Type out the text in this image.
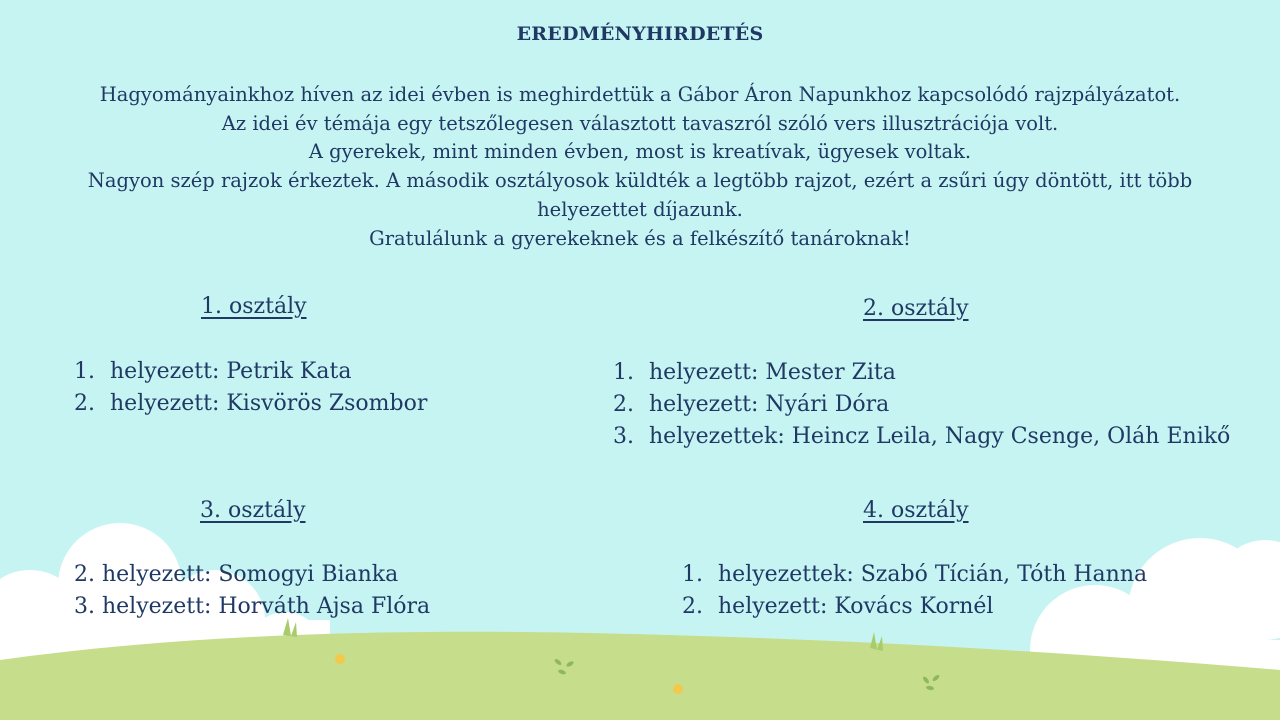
EREDMÉNYHIRDETÉS
Hagyományainkhoz híven az idei évben is meghirdettük a Gábor Áron Napunkhoz kapcsolódó rajzpályázatot.
Az idei év témája egy tetszőlegesen választott tavaszról szóló vers illusztrációja volt.
A gyerekek, mint minden évben, most is kreatívak, ügyesek voltak.
Nagyon szép rajzok érkeztek. A második osztályosok küldték a legtöbb rajzot, ezért a zsűri úgy döntött, itt több
helyezettet díjazunk.
Gratulálunk a gyerekeknek és a felkészítő tanároknak!
1. osztály
1. helyezett: Petrik Kata
2. helyezett: Kisvörös Zsombor
2. osztály
1. helyezett: Mester Zita
2. helyezett: Nyári Dóra
3. helyezettek: Heincz Leila, Nagy Csenge, Oláh Enikő
3. osztály
2. helyezett: Somogyi Bianka
3. helyezett: Horváth Ajsa Flóra
4. osztály
1. helyezettek: Szabó Tícián, Tóth Hanna
2. helyezett: Kovács Kornél
